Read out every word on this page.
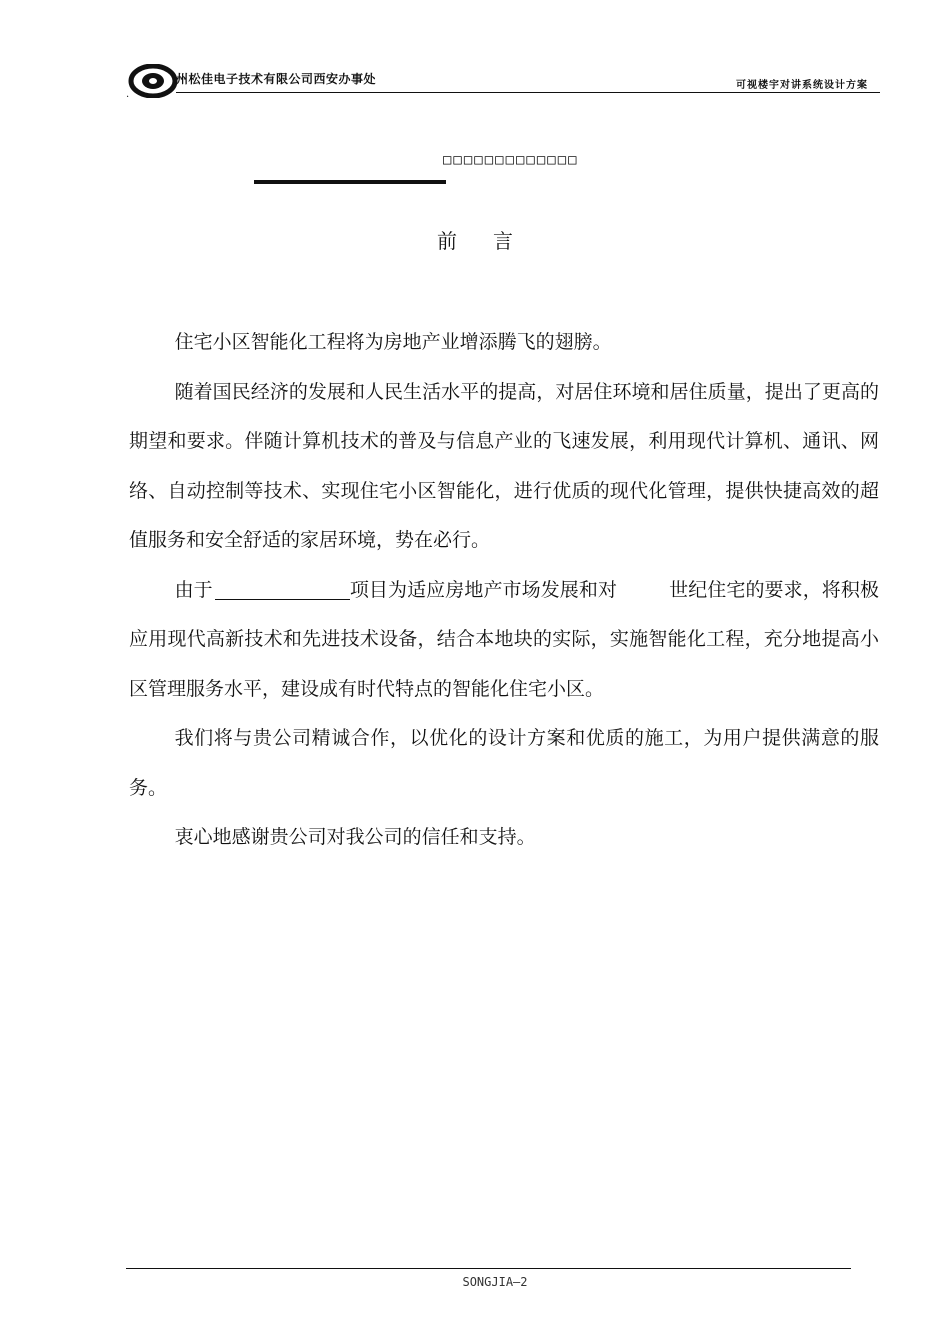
.
州松佳电子技术有限公司西安办事处	可视楼宇对讲系统设计方案
□□□□□□□□□□□□□
前言

住宅小区智能化工程将为房地产业增添腾飞的翅膀。

随着国民经济的发展和人民生活水平的提高，对居住环境和居住质量，提出了更高的期望和要求。伴随计算机技术的普及与信息产业的飞速发展，利用现代计算机、通讯、网络、自动控制等技术、实现住宅小区智能化，进行优质的现代化管理，提供快捷高效的超值服务和安全舒适的家居环境，势在必行。

由于	项目为适应房地产市场发展和对	世纪住宅的要求，将积极应用现代高新技术和先进技术设备，结合本地块的实际，实施智能化工程，充分地提高小区管理服务水平，建设成有时代特点的智能化住宅小区。

我们将与贵公司精诚合作，以优化的设计方案和优质的施工，为用户提供满意的服务。

衷心地感谢贵公司对我公司的信任和支持。

SONGJIA—2
